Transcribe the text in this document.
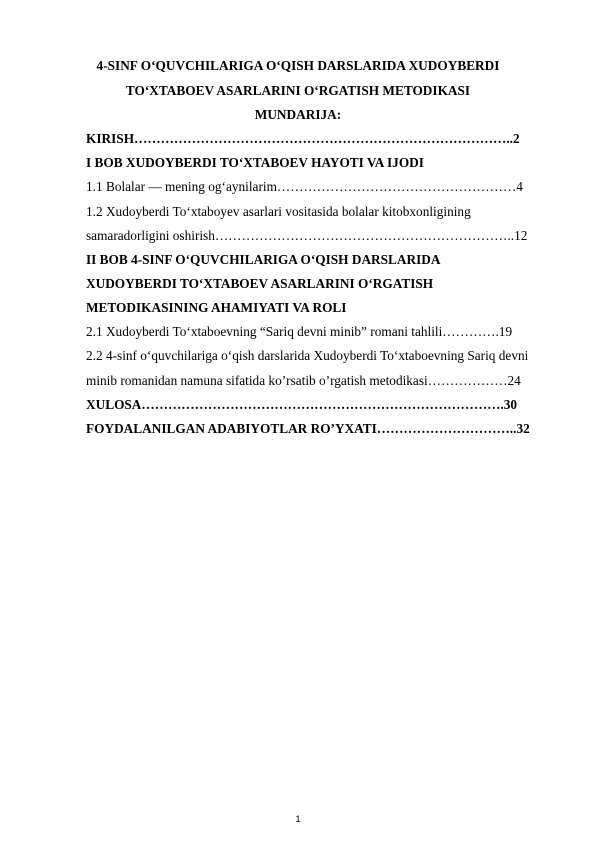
4-SINF O‘QUVCHILARIGA O‘QISH DARSLARIDA XUDOYBERDI
TO‘XTABOEV ASARLARINI O‘RGATISH METODIKASI
MUNDARIJA:
KIRISH…………………………………………………………………………..2
I BOB XUDOYBERDI TO‘XTABOEV HAYOTI VA IJODI
1.1 Bolalar — mening og‘aynilarim………………………………………………4
1.2 Xudoyberdi To‘xtaboyev asarlari vositasida bolalar kitobxonligining
samaradorligini oshirish…………………………………………………………..12
II BOB 4-SINF O‘QUVCHILARIGA O‘QISH DARSLARIDA
XUDOYBERDI TO‘XTABOEV ASARLARINI O‘RGATISH
METODIKASINING AHAMIYATI VA ROLI
2.1 Xudoyberdi To‘xtaboevning “Sariq devni minib” romani tahlili………….19
2.2 4-sinf o‘quvchilariga o‘qish darslarida Xudoyberdi To‘xtaboevning Sariq devni
minib romanidan namuna sifatida ko’rsatib o’rgatish metodikasi………………24
XULOSA……………………………………………………………………….30
FOYDALANILGAN ADABIYOTLAR RO’YXATI…………………………..32
1
